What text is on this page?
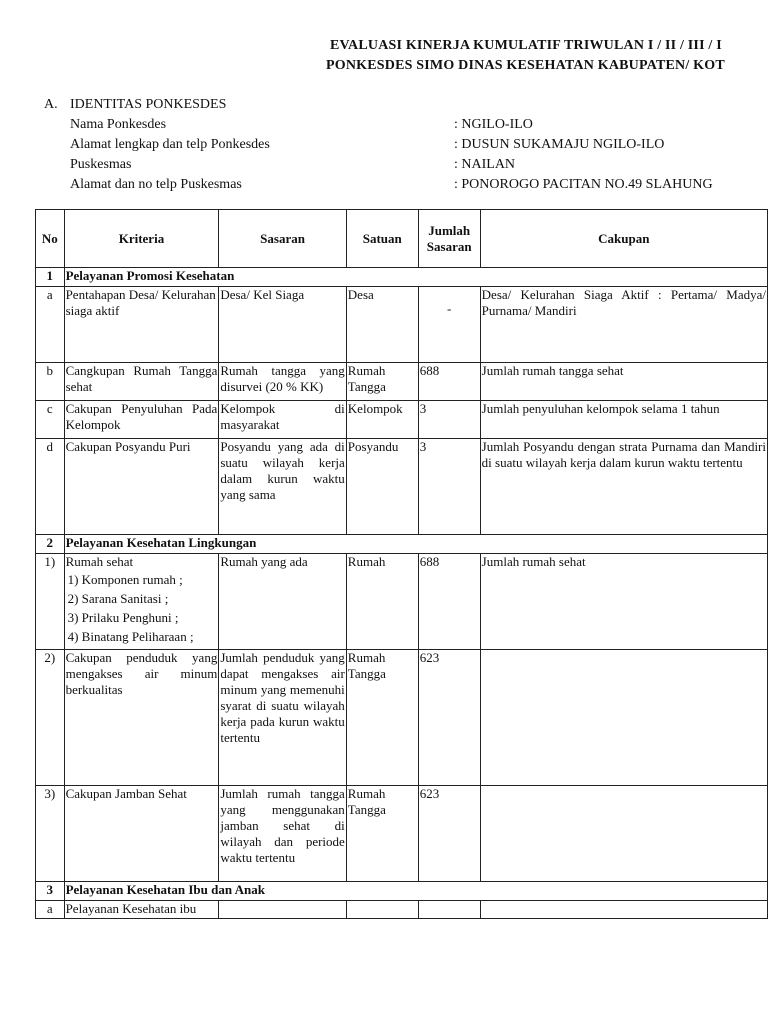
EVALUASI KINERJA KUMULATIF TRIWULAN I / II / III / I
PONKESDES SIMO DINAS KESEHATAN KABUPATEN/ KOT
A. IDENTITAS PONKESDES
Nama Ponkesdes	: NGILO-ILO
Alamat lengkap dan telp Ponkesdes	: DUSUN SUKAMAJU NGILO-ILO
Puskesmas	: NAILAN
Alamat dan no telp Puskesmas	: PONOROGO PACITAN NO.49 SLAHUNG
No	Kriteria	Sasaran	Satuan	Jumlah Sasaran	Cakupan
1	Pelayanan Promosi Kesehatan				
a	Pentahapan Desa/ Kelurahan siaga aktif	Desa/ Kel Siaga	Desa	-	Desa/ Kelurahan Siaga Aktif : Pertama/ Madya/ Purnama/ Mandiri
b	Cangkupan Rumah Tangga sehat	Rumah tangga yang disurvei (20 % KK)	Rumah Tangga	688	Jumlah rumah tangga sehat
c	Cakupan Penyuluhan Pada Kelompok	Kelompok di masyarakat	Kelompok	3	Jumlah penyuluhan kelompok selama 1 tahun
d	Cakupan Posyandu Puri	Posyandu yang ada di suatu wilayah kerja dalam kurun waktu yang sama	Posyandu	3	Jumlah Posyandu dengan strata Purnama dan Mandiri di suatu wilayah kerja dalam kurun waktu tertentu
2	Pelayanan Kesehatan Lingkungan				
1)	Rumah sehat
1) Komponen rumah ;
2) Sarana Sanitasi ;
3) Prilaku Penghuni ;
4) Binatang Peliharaan ;	Rumah yang ada	Rumah	688	Jumlah rumah sehat
2)	Cakupan penduduk yang mengakses air minum berkualitas	Jumlah penduduk yang dapat mengakses air minum yang memenuhi syarat di suatu wilayah kerja pada kurun waktu tertentu	Rumah Tangga	623	
3)	Cakupan Jamban Sehat	Jumlah rumah tangga yang menggunakan jamban sehat di wilayah dan periode waktu tertentu	Rumah Tangga	623	
3	Pelayanan Kesehatan Ibu dan Anak				
a	Pelayanan Kesehatan ibu				
